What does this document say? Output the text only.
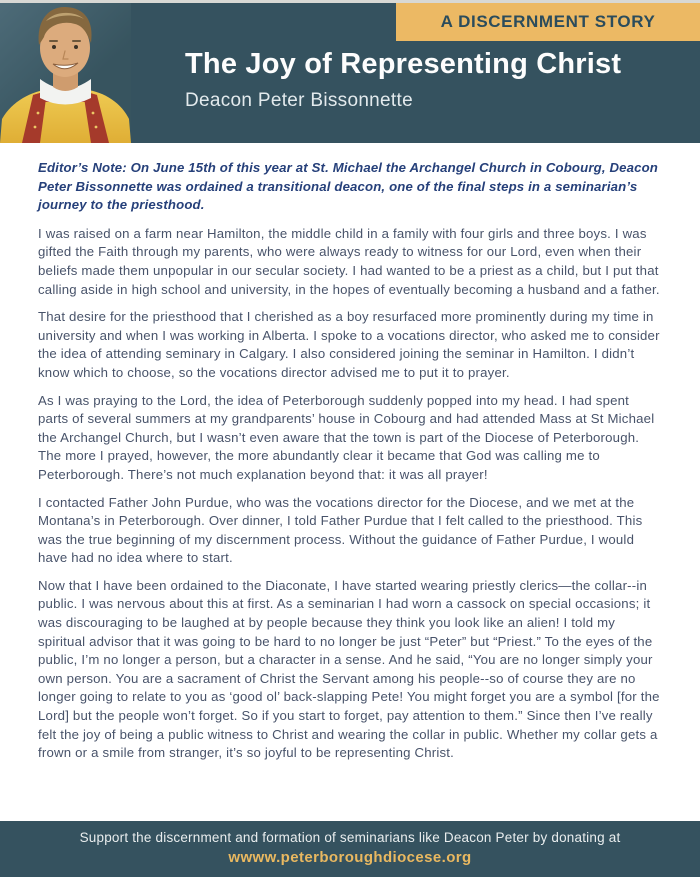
A DISCERNMENT STORY
The Joy of Representing Christ
Deacon Peter Bissonnette

Editor’s Note: On June 15th of this year at St. Michael the Archangel Church in Cobourg, Deacon Peter Bissonnette was ordained a transitional deacon, one of the final steps in a seminarian’s journey to the priesthood.

I was raised on a farm near Hamilton, the middle child in a family with four girls and three boys. I was gifted the Faith through my parents, who were always ready to witness for our Lord, even when their beliefs made them unpopular in our secular society. I had wanted to be a priest as a child, but I put that calling aside in high school and university, in the hopes of eventually becoming a husband and a father.

That desire for the priesthood that I cherished as a boy resurfaced more prominently during my time in university and when I was working in Alberta. I spoke to a vocations director, who asked me to consider the idea of attending seminary in Calgary. I also considered joining the seminar in Hamilton. I didn’t know which to choose, so the vocations director advised me to put it to prayer.

As I was praying to the Lord, the idea of Peterborough suddenly popped into my head. I had spent parts of several summers at my grandparents’ house in Cobourg and had attended Mass at St Michael the Archangel Church, but I wasn’t even aware that the town is part of the Diocese of Peterborough. The more I prayed, however, the more abundantly clear it became that God was calling me to Peterborough. There’s not much explanation beyond that: it was all prayer!

I contacted Father John Purdue, who was the vocations director for the Diocese, and we met at the Montana’s in Peterborough. Over dinner, I told Father Purdue that I felt called to the priesthood. This was the true beginning of my discernment process. Without the guidance of Father Purdue, I would have had no idea where to start.

Now that I have been ordained to the Diaconate, I have started wearing priestly clerics—the collar--in public. I was nervous about this at first. As a seminarian I had worn a cassock on special occasions; it was discouraging to be laughed at by people because they think you look like an alien! I told my spiritual advisor that it was going to be hard to no longer be just “Peter” but “Priest.” To the eyes of the public, I’m no longer a person, but a character in a sense. And he said, “You are no longer simply your own person. You are a sacrament of Christ the Servant among his people--so of course they are no longer going to relate to you as ‘good ol’ back-slapping Pete! You might forget you are a symbol [for the Lord] but the people won’t forget. So if you start to forget, pay attention to them.” Since then I’ve really felt the joy of being a public witness to Christ and wearing the collar in public. Whether my collar gets a frown or a smile from stranger, it’s so joyful to be representing Christ.

Support the discernment and formation of seminarians like Deacon Peter by donating at
wwww.peterboroughdiocese.org
